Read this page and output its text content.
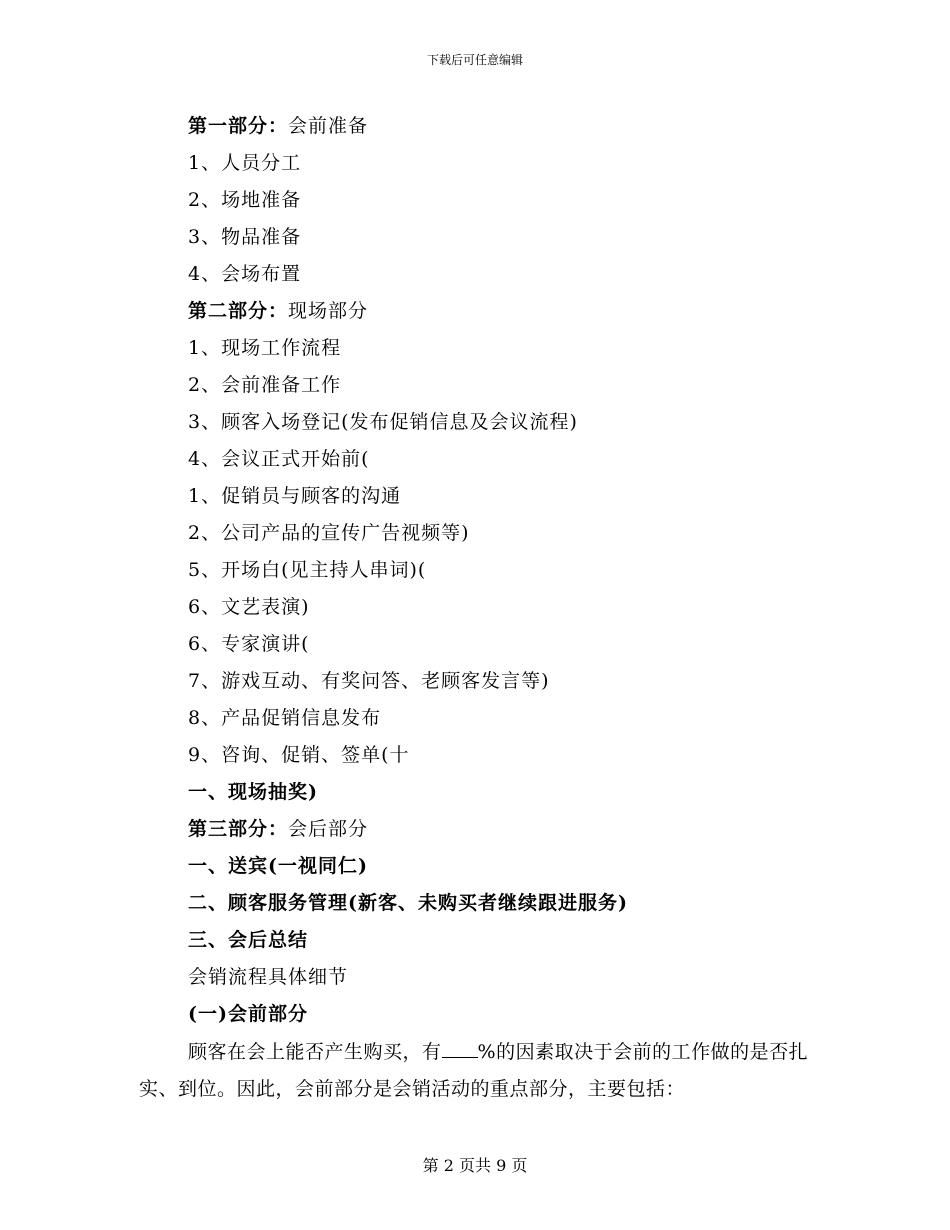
下载后可任意编辑
第一部分：会前准备
1、人员分工
2、场地准备
3、物品准备
4、会场布置
第二部分：现场部分
1、现场工作流程
2、会前准备工作
3、顾客入场登记(发布促销信息及会议流程)
4、会议正式开始前(
1、促销员与顾客的沟通
2、公司产品的宣传广告视频等)
5、开场白(见主持人串词)(
6、文艺表演)
6、专家演讲(
7、游戏互动、有奖问答、老顾客发言等)
8、产品促销信息发布
9、咨询、促销、签单(十
一、现场抽奖)
第三部分：会后部分
一、送宾(一视同仁)
二、顾客服务管理(新客、未购买者继续跟进服务)
三、会后总结
会销流程具体细节
(一)会前部分
顾客在会上能否产生购买，有 %的因素取决于会前的工作做的是否扎实、到位。因此，会前部分是会销活动的重点部分，主要包括：
第 2 页共 9 页
